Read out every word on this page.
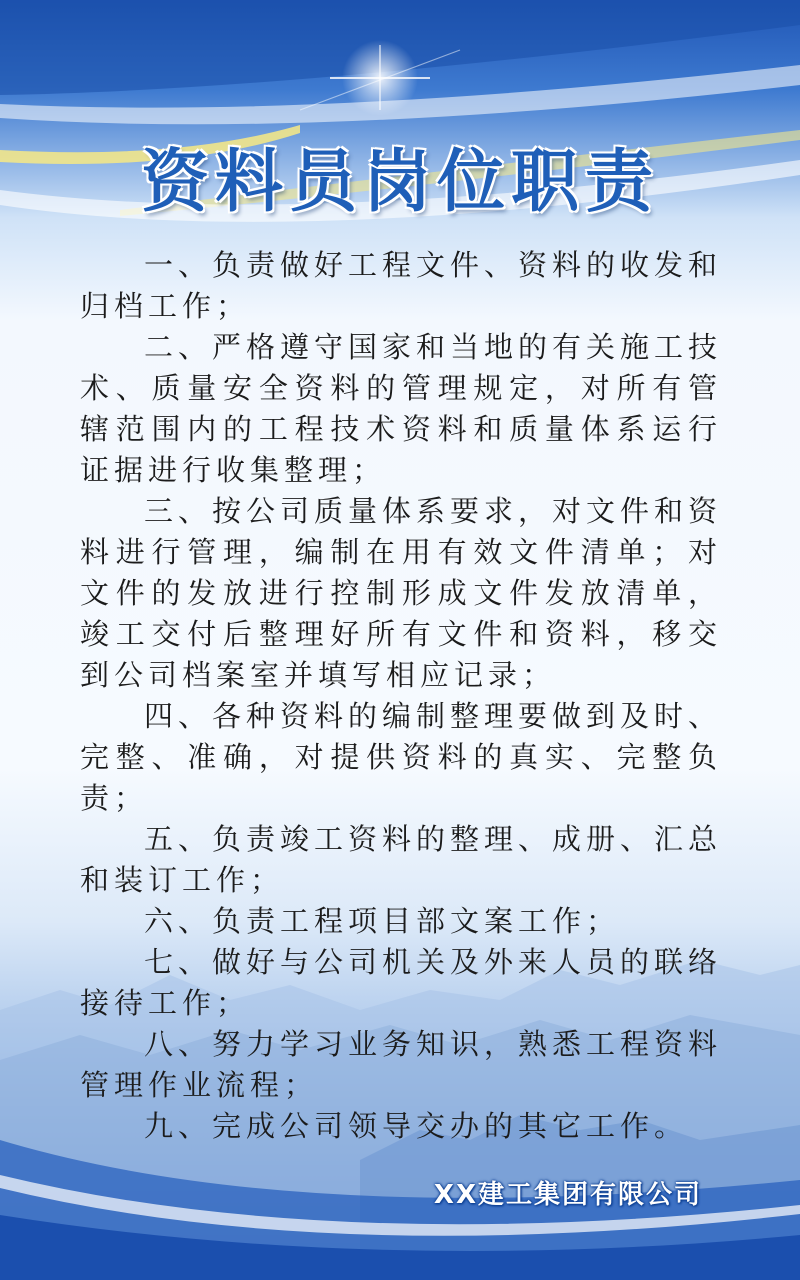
资料员岗位职责

一、负责做好工程文件、资料的收发和归档工作；

二、严格遵守国家和当地的有关施工技术、质量安全资料的管理规定，对所有管辖范围内的工程技术资料和质量体系运行证据进行收集整理；

三、按公司质量体系要求，对文件和资料进行管理，编制在用有效文件清单；对文件的发放进行控制形成文件发放清单，竣工交付后整理好所有文件和资料，移交到公司档案室并填写相应记录；

四、各种资料的编制整理要做到及时、完整、准确，对提供资料的真实、完整负责；

五、负责竣工资料的整理、成册、汇总和装订工作；

六、负责工程项目部文案工作；

七、做好与公司机关及外来人员的联络接待工作；

八、努力学习业务知识，熟悉工程资料管理作业流程；

九、完成公司领导交办的其它工作。

XX建工集团有限公司
